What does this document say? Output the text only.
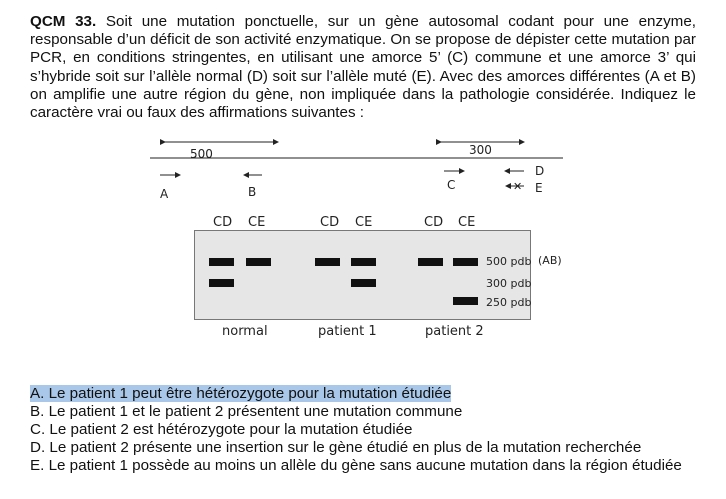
QCM 33. Soit une mutation ponctuelle, sur un gène autosomal codant pour une enzyme, responsable d’un déficit de son activité enzymatique. On se propose de dépister cette mutation par PCR, en conditions stringentes, en utilisant une amorce 5’ (C) commune et une amorce 3’ qui s’hybride soit sur l’allèle normal (D) soit sur l’allèle muté (E). Avec des amorces différentes (A et B) on amplifie une autre région du gène, non impliquée dans la pathologie considérée. Indiquez le caractère vrai ou faux des affirmations suivantes :
✕
500	300
A	B	C
D
E
CD CE	CD CE	CD CE
500 pdb
300 pdb
250 pdb
(AB)
normal	patient 1	patient 2
A. Le patient 1 peut être hétérozygote pour la mutation étudiée
B. Le patient 1 et le patient 2 présentent une mutation commune
C. Le patient 2 est hétérozygote pour la mutation étudiée
D. Le patient 2 présente une insertion sur le gène étudié en plus de la mutation recherchée
E. Le patient 1 possède au moins un allèle du gène sans aucune mutation dans la région étudiée
